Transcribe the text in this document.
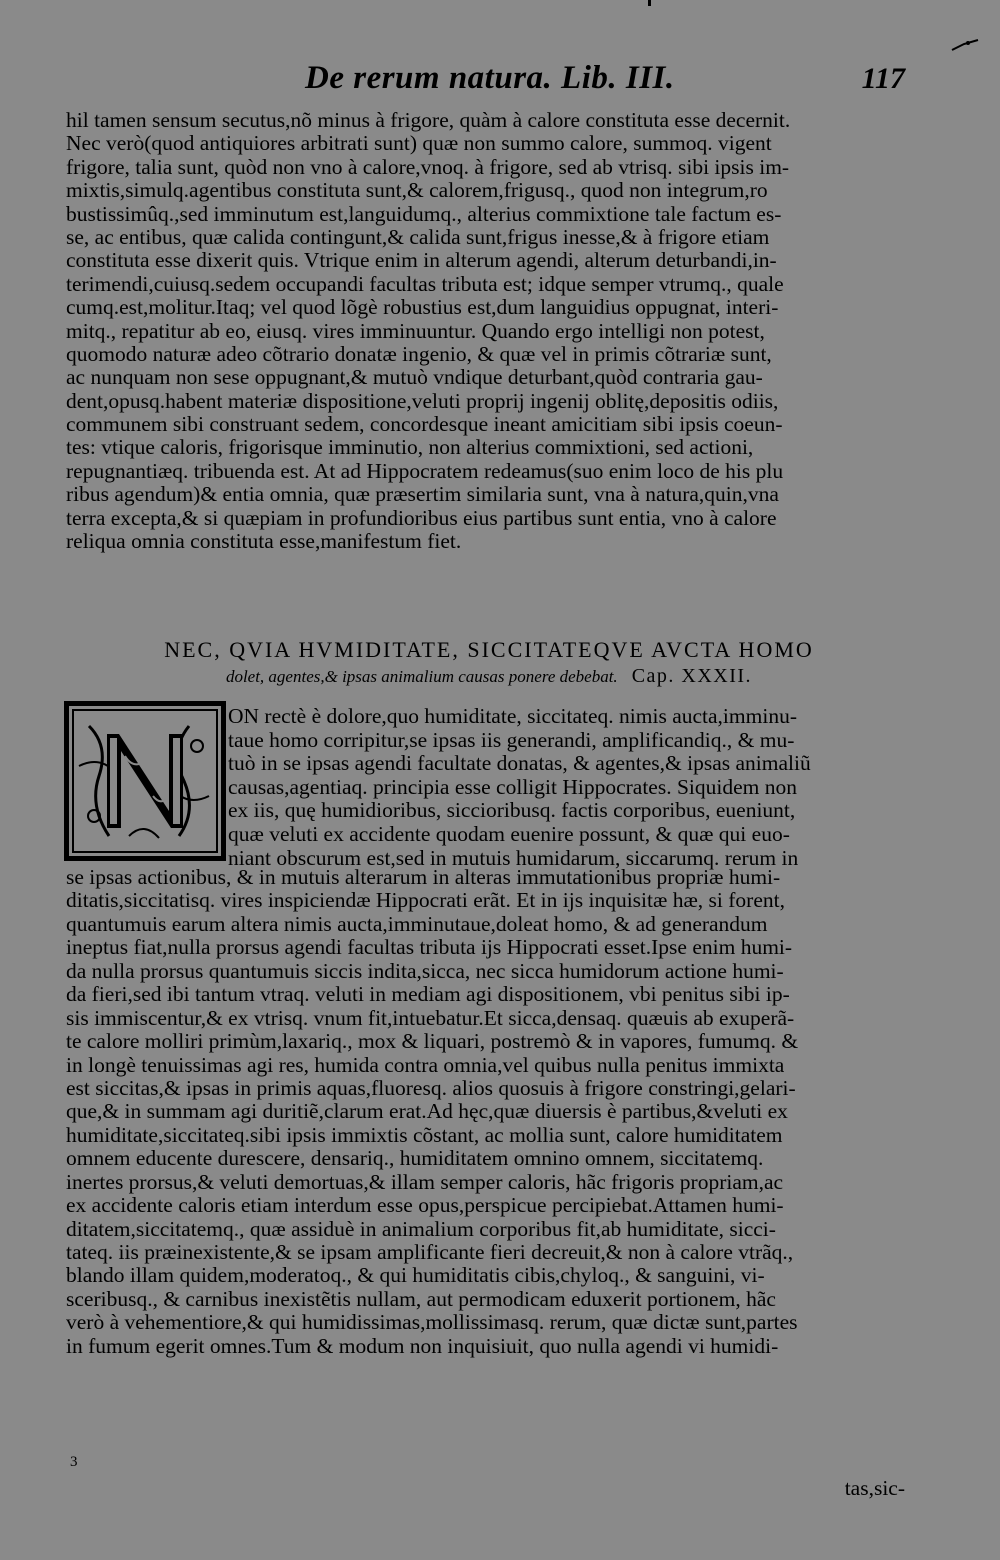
De rerum natura. Lib. III.	117
hil tamen sensum secutus,nõ minus à frigore, quàm à calore constituta esse decernit.
Nec verò(quod antiquiores arbitrati sunt) quæ non summo calore, summoq. vigent
frigore, talia sunt, quòd non vno à calore,vnoq. à frigore, sed ab vtrisq. sibi ipsis im-
mixtis,simulq.agentibus constituta sunt,& calorem,frigusq., quod non integrum,ro
bustissimûq.,sed imminutum est,languidumq., alterius commixtione tale factum es-
se, ac entibus, quæ calida contingunt,& calida sunt,frigus inesse,& à frigore etiam
constituta esse dixerit quis. Vtrique enim in alterum agendi, alterum deturbandi,in-
terimendi,cuiusq.sedem occupandi facultas tributa est; idque semper vtrumq., quale
cumq.est,molitur.Itaq; vel quod lõgè robustius est,dum languidius oppugnat, interi-
mitq., repatitur ab eo, eiusq. vires imminuuntur. Quando ergo intelligi non potest,
quomodo naturæ adeo cõtrario donatæ ingenio, & quæ vel in primis cõtrariæ sunt,
ac nunquam non sese oppugnant,& mutuò vndique deturbant,quòd contraria gau-
dent,opusq.habent materiæ dispositione,veluti proprij ingenij oblitę,depositis odiis,
communem sibi construant sedem, concordesque ineant amicitiam sibi ipsis coeun-
tes: vtique caloris, frigorisque imminutio, non alterius commixtioni, sed actioni,
repugnantiæq. tribuenda est. At ad Hippocratem redeamus(suo enim loco de his plu
ribus agendum)& entia omnia, quæ præsertim similaria sunt, vna à natura,quin,vna
terra excepta,& si quæpiam in profundioribus eius partibus sunt entia, vno à calore
reliqua omnia constituta esse,manifestum fiet.
NEC, QVIA HVMIDITATE, SICCITATEQVE AVCTA HOMO
dolet, agentes,& ipsas animalium causas ponere debebat. Cap. XXXII.
ON rectè è dolore,quo humiditate, siccitateq. nimis aucta,imminu-
taue homo corripitur,se ipsas iis generandi, amplificandiq., & mu-
tuò in se ipsas agendi facultate donatas, & agentes,& ipsas animaliũ
causas,agentiaq. principia esse colligit Hippocrates. Siquidem non
ex iis, quę humidioribus, siccioribusq. factis corporibus, eueniunt,
quæ veluti ex accidente quodam euenire possunt, & quæ qui euo-
niant obscurum est,sed in mutuis humidarum, siccarumq. rerum in
se ipsas actionibus, & in mutuis alterarum in alteras immutationibus propriæ humi-
ditatis,siccitatisq. vires inspiciendæ Hippocrati erãt. Et in ijs inquisitæ hæ, si forent,
quantumuis earum altera nimis aucta,imminutaue,doleat homo, & ad generandum
ineptus fiat,nulla prorsus agendi facultas tributa ijs Hippocrati esset.Ipse enim humi-
da nulla prorsus quantumuis siccis indita,sicca, nec sicca humidorum actione humi-
da fieri,sed ibi tantum vtraq. veluti in mediam agi dispositionem, vbi penitus sibi ip-
sis immiscentur,& ex vtrisq. vnum fit,intuebatur.Et sicca,densaq. quæuis ab exuperã-
te calore molliri primùm,laxariq., mox & liquari, postremò & in vapores, fumumq. &
in longè tenuissimas agi res, humida contra omnia,vel quibus nulla penitus immixta
est siccitas,& ipsas in primis aquas,fluoresq. alios quosuis à frigore constringi,gelari-
que,& in summam agi duritiẽ,clarum erat.Ad hęc,quæ diuersis è partibus,&veluti ex
humiditate,siccitateq.sibi ipsis immixtis cõstant, ac mollia sunt, calore humiditatem
omnem educente durescere, densariq., humiditatem omnino omnem, siccitatemq.
inertes prorsus,& veluti demortuas,& illam semper caloris, hãc frigoris propriam,ac
ex accidente caloris etiam interdum esse opus,perspicue percipiebat.Attamen humi-
ditatem,siccitatemq., quæ assiduè in animalium corporibus fit,ab humiditate, sicci-
tateq. iis præinexistente,& se ipsam amplificante fieri decreuit,& non à calore vtrãq.,
blando illam quidem,moderatoq., & qui humiditatis cibis,chyloq., & sanguini, vi-
sceribusq., & carnibus inexistẽtis nullam, aut permodicam eduxerit portionem, hãc
verò à vehementiore,& qui humidissimas,mollissimasq. rerum, quæ dictæ sunt,partes
in fumum egerit omnes.Tum & modum non inquisiuit, quo nulla agendi vi humidi-
3
tas,sic-
